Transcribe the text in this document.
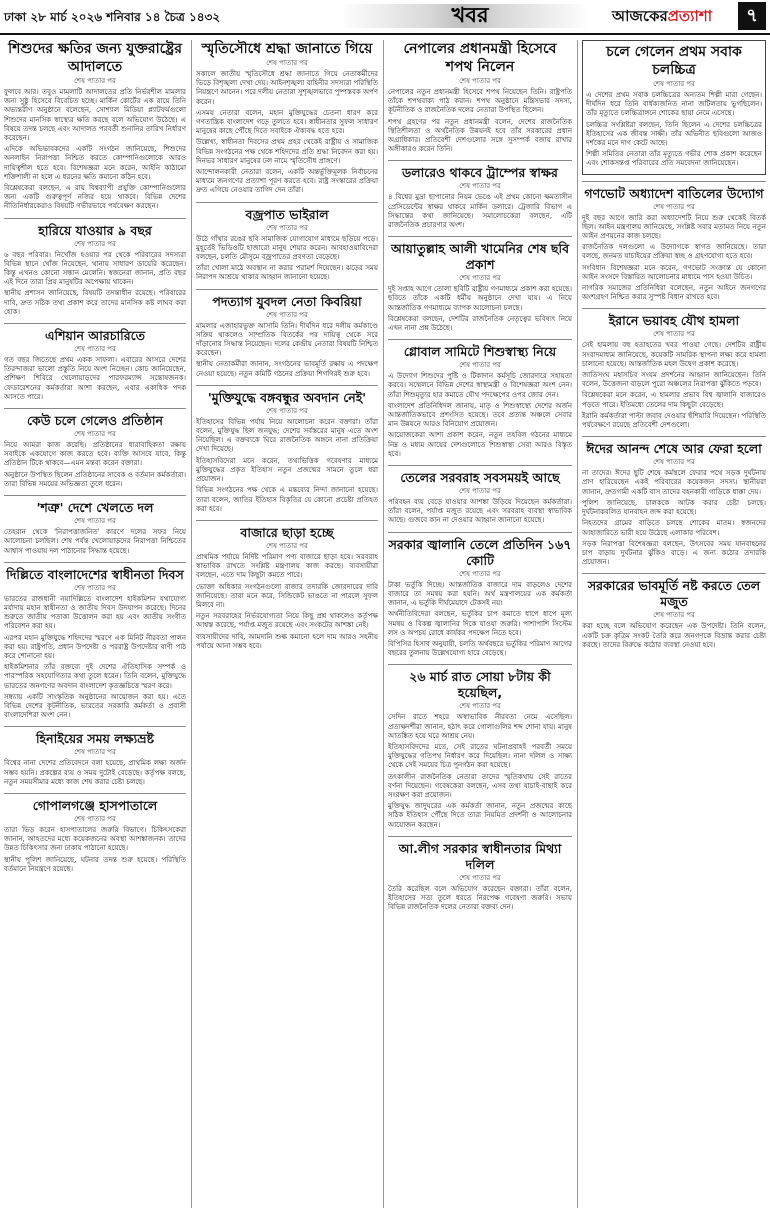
ঢাকা ২৮ মার্চ ২০২৬ শনিবার ১৪ চৈত্র ১৪৩২	খবর	আজকেরপ্রত্যাশা	৭
শিশুদের ক্ষতির জন্য যুক্তরাষ্ট্রের আদালতে
শেষ পাতার পর

ফুলবে আর। তবুও মামলাটি আদালতের প্রতি নির্ভরশীল মামলার জন্য সুষ্ঠু হিসেবে বিবেচিত হচ্ছে। মার্কিন কোর্টের এক রায়ে তিনি অভ্যন্তরীণ অনুষ্ঠানে বলেছেন, সোশ্যাল মিডিয়া প্ল্যাটফর্মগুলো শিশুদের মানসিক স্বাস্থ্যের ক্ষতি করছে বলে অভিযোগ উঠেছে। এ বিষয়ে তদন্ত চলছে এবং আদালত পরবর্তী শুনানির তারিখ নির্ধারণ করেছেন।

এদিকে অভিভাবকদের একটি সংগঠন জানিয়েছে, শিশুদের অনলাইন নিরাপত্তা নিশ্চিত করতে কোম্পানিগুলোকে আরও দায়িত্বশীল হতে হবে। বিশেষজ্ঞরা মনে করেন, আইনি কাঠামো শক্তিশালী না হলে এ ধরনের ক্ষতি কমানো কঠিন হবে।

বিশ্লেষকেরা বলছেন, এ রায় বিশ্বব্যাপী প্রযুক্তি কোম্পানিগুলোর জন্য একটি গুরুত্বপূর্ণ নজির হয়ে থাকবে। বিভিন্ন দেশের নীতিনির্ধারকেরাও বিষয়টি গভীরভাবে পর্যবেক্ষণ করছেন।

হারিয়ে যাওয়ার ৯ বছর
শেষ পাতার পর

৬ বছর পরিবার। নিখোঁজ হওয়ার পর থেকে পরিবারের সদস্যরা বিভিন্ন স্থানে খোঁজ নিয়েছেন, থানায় সাধারণ ডায়েরি করেছেন। কিন্তু এখনও কোনো সন্ধান মেলেনি। স্বজনেরা জানান, প্রতি বছর এই দিনে তারা প্রিয় মানুষটির অপেক্ষায় থাকেন।

স্থানীয় প্রশাসন জানিয়েছে, বিষয়টি তদন্তাধীন রয়েছে। পরিবারের দাবি, দ্রুত সঠিক তথ্য প্রকাশ করে তাদের মানসিক কষ্ট লাঘব করা হোক।

এশিয়ান আরচারিতে
শেষ পাতার পর

গত বছর জিতেছে প্রথম একক সাফল্য। এবারের আসরে দেশের তিরন্দাজরা ভালো প্রস্তুতি নিয়ে অংশ নিচ্ছেন। কোচ জানিয়েছেন, প্রশিক্ষণ শিবিরে খেলোয়াড়দের পারফরম্যান্স সন্তোষজনক। ফেডারেশনের কর্মকর্তারা আশা করছেন, এবার একাধিক পদক আসতে পারে।

কেউ চলে গেলেও প্রতিষ্ঠান
শেষ পাতার পর

নিয়ে আমরা কাজ করেছি। প্রতিষ্ঠানের ধারাবাহিকতা রক্ষায় সবাইকে একযোগে কাজ করতে হবে। ব্যক্তি আসবে যাবে, কিন্তু প্রতিষ্ঠান টিকে থাকবে—এমন মন্তব্য করেন বক্তারা।

অনুষ্ঠানে উপস্থিত ছিলেন প্রতিষ্ঠানের সাবেক ও বর্তমান কর্মকর্তারা। তারা বিভিন্ন সময়ের অভিজ্ঞতা তুলে ধরেন।

'শত্রু' দেশে খেলতে দল
শেষ পাতার পর

তেহরান থেকে 'নিরাপত্তাজনিত' কারণে দলের সফর নিয়ে আলোচনা চলছিল। শেষ পর্যন্ত খেলোয়াড়দের নিরাপত্তা নিশ্চিতের আশ্বাস পাওয়ায় দল পাঠানোর সিদ্ধান্ত হয়েছে।

দিল্লিতে বাংলাদেশের স্বাধীনতা দিবস
শেষ পাতার পর

ভারতের রাজধানী নয়াদিল্লিতে বাংলাদেশ হাইকমিশন যথাযোগ্য মর্যাদায় মহান স্বাধীনতা ও জাতীয় দিবস উদযাপন করেছে। দিনের শুরুতে জাতীয় পতাকা উত্তোলন করা হয় এবং জাতীয় সংগীত পরিবেশন করা হয়।

এরপর মহান মুক্তিযুদ্ধে শহিদদের স্মরণে এক মিনিট নীরবতা পালন করা হয়। রাষ্ট্রপতি, প্রধান উপদেষ্টা ও পররাষ্ট্র উপদেষ্টার বাণী পাঠ করে শোনানো হয়।

হাইকমিশনার তাঁর বক্তব্যে দুই দেশের ঐতিহাসিক সম্পর্ক ও পারস্পরিক সহযোগিতার কথা তুলে ধরেন। তিনি বলেন, মুক্তিযুদ্ধে ভারতের জনগণের অবদান বাংলাদেশ কৃতজ্ঞচিত্তে স্মরণ করে।

সন্ধ্যায় একটি সাংস্কৃতিক অনুষ্ঠানের আয়োজন করা হয়। এতে বিভিন্ন দেশের কূটনীতিক, ভারতের সরকারি কর্মকর্তা ও প্রবাসী বাংলাদেশিরা অংশ নেন।

হিনাইয়ের সময় লক্ষ্যভ্রষ্ট
শেষ পাতার পর

বিশ্বের নানা দেশের প্রতিবেদনে বলা হয়েছে, প্রাথমিক লক্ষ্য অর্জন সম্ভব হয়নি। প্রকল্পের ব্যয় ও সময় দুটোই বেড়েছে। কর্তৃপক্ষ বলছে, নতুন সময়সীমার মধ্যে কাজ শেষ করার চেষ্টা চলছে।

গোপালগঞ্জে হাসপাতালে
শেষ পাতার পর

তারা ভিড় করেন হাসপাতালের জরুরি বিভাগে। চিকিৎসকেরা জানান, আহতদের মধ্যে কয়েকজনের অবস্থা আশঙ্কাজনক। তাদের উন্নত চিকিৎসার জন্য ঢাকায় পাঠানো হয়েছে।

স্থানীয় পুলিশ জানিয়েছে, ঘটনার তদন্ত শুরু হয়েছে। পরিস্থিতি বর্তমানে নিয়ন্ত্রণে রয়েছে।

স্মৃতিসৌধে শ্রদ্ধা জানাতে গিয়ে
শেষ পাতার পর

সকালে জাতীয় স্মৃতিসৌধে শ্রদ্ধা জানাতে গিয়ে নেতাকর্মীদের ভিড়ে বিশৃঙ্খলা দেখা দেয়। আইনশৃঙ্খলা বাহিনীর সদস্যরা পরিস্থিতি নিয়ন্ত্রণে আনেন। পরে দলীয় নেতারা সুশৃঙ্খলভাবে পুষ্পস্তবক অর্পণ করেন।

এসময় নেতারা বলেন, মহান মুক্তিযুদ্ধের চেতনা ধারণ করে গণতান্ত্রিক বাংলাদেশ গড়ে তুলতে হবে। স্বাধীনতার সুফল সাধারণ মানুষের কাছে পৌঁছে দিতে সবাইকে ঐক্যবদ্ধ হতে হবে।

উল্লেখ্য, স্বাধীনতা দিবসের প্রথম প্রহর থেকেই রাষ্ট্রীয় ও সামাজিক বিভিন্ন সংগঠনের পক্ষ থেকে শহিদদের প্রতি শ্রদ্ধা নিবেদন করা হয়। দিনভর সাধারণ মানুষের ঢল নামে স্মৃতিসৌধ প্রাঙ্গণে।

আন্দোলনকারী নেতারা বলেন, একটি অন্তর্ভুক্তিমূলক নির্বাচনের মাধ্যমে জনগণের প্রত্যাশা পূরণ করতে হবে। রাষ্ট্র সংস্কারের প্রক্রিয়া দ্রুত এগিয়ে নেওয়ার তাগিদ দেন তাঁরা।

বজ্রপাত ভাইরাল
শেষ পাতার পর

উঠে গাঁথার রঙের ছবি সামাজিক যোগাযোগ মাধ্যমে ছড়িয়ে পড়ে। মুহূর্তেই ভিডিওটি হাজারো মানুষ শেয়ার করেন। আবহাওয়াবিদেরা বলছেন, চলতি মৌসুমে বজ্রপাতের প্রবণতা বেড়েছে।

তাঁরা খোলা মাঠে অবস্থান না করার পরামর্শ দিয়েছেন। ঝড়ের সময় নিরাপদ আশ্রয়ে থাকার আহ্বান জানানো হয়েছে।

পদত্যাগ যুবদল নেতা কিবরিয়া
শেষ পাতার পর

মামলার এজাহারভুক্ত আসামি তিনি। দীর্ঘদিন ধরে দলীয় কর্মকাণ্ডে সক্রিয় থাকলেও সাম্প্রতিক বিতর্কের পর দায়িত্ব থেকে সরে দাঁড়ানোর সিদ্ধান্ত নিয়েছেন। দলের কেন্দ্রীয় নেতারা বিষয়টি নিশ্চিত করেছেন।

স্থানীয় নেতাকর্মীরা জানান, সংগঠনের ভাবমূর্তি রক্ষায় এ পদক্ষেপ নেওয়া হয়েছে। নতুন কমিটি গঠনের প্রক্রিয়া শিগগিরই শুরু হবে।

'মুক্তিযুদ্ধে বঙ্গবন্ধুর অবদান নেই'
শেষ পাতার পর

ইতিহাসের বিভিন্ন পর্যায় নিয়ে আলোচনা করেন বক্তারা। তাঁরা বলেন, মুক্তিযুদ্ধ ছিল জনযুদ্ধ; দেশের সর্বস্তরের মানুষ এতে অংশ নিয়েছিল। এ বক্তব্যকে ঘিরে রাজনৈতিক অঙ্গনে নানা প্রতিক্রিয়া দেখা দিয়েছে।

ইতিহাসবিদেরা মনে করেন, তথ্যভিত্তিক গবেষণার মাধ্যমে মুক্তিযুদ্ধের প্রকৃত ইতিহাস নতুন প্রজন্মের সামনে তুলে ধরা প্রয়োজন।

বিভিন্ন সংগঠনের পক্ষ থেকে এ মন্তব্যের নিন্দা জানানো হয়েছে। তারা বলেন, জাতির ইতিহাস বিকৃতির যে কোনো প্রচেষ্টা প্রতিহত করা হবে।

বাজারে ছাড়া হচ্ছে
শেষ পাতার পর

প্রাথমিক পর্যায়ে নির্দিষ্ট পরিমাণ পণ্য বাজারে ছাড়া হবে। সরবরাহ স্বাভাবিক রাখতে সংশ্লিষ্ট মন্ত্রণালয় কাজ করছে। ব্যবসায়ীরা বলছেন, এতে দাম কিছুটা কমতে পারে।

ভোক্তা অধিকার সংগঠনগুলো বাজার তদারকি জোরদারের দাবি জানিয়েছে। তারা মনে করে, সিন্ডিকেট ভাঙতে না পারলে সুফল মিলবে না।

নতুন সরবরাহের নির্ভরযোগ্যতা নিয়ে কিছু প্রশ্ন থাকলেও কর্তৃপক্ষ আশ্বস্ত করেছে, পর্যাপ্ত মজুত রয়েছে এবং সংকটের আশঙ্কা নেই।

ব্যবসায়ীদের দাবি, আমদানি শুল্ক কমানো হলে দাম আরও সহনীয় পর্যায়ে আনা সম্ভব হবে।

নেপালের প্রধানমন্ত্রী হিসেবে শপথ নিলেন
শেষ পাতার পর

নেপালের নতুন প্রধানমন্ত্রী হিসেবে শপথ নিয়েছেন তিনি। রাষ্ট্রপতি তাঁকে শপথবাক্য পাঠ করান। শপথ অনুষ্ঠানে মন্ত্রিসভার সদস্য, কূটনীতিক ও রাজনৈতিক দলের নেতারা উপস্থিত ছিলেন।

শপথ গ্রহণের পর নতুন প্রধানমন্ত্রী বলেন, দেশের রাজনৈতিক স্থিতিশীলতা ও অর্থনৈতিক উন্নয়নই হবে তাঁর সরকারের প্রধান অগ্রাধিকার। প্রতিবেশী দেশগুলোর সঙ্গে সুসম্পর্ক বজায় রাখার অঙ্গীকারও করেন তিনি।

ডলারেও থাকবে ট্রাম্পের স্বাক্ষর
শেষ পাতার পর

৪ বিশ্বের মুদ্রা ছাপানোর নিয়ম ভেঙে এই প্রথম কোনো ক্ষমতাসীন প্রেসিডেন্টের স্বাক্ষর থাকবে মার্কিন ডলারে। ট্রেজারি বিভাগ এ সিদ্ধান্তের কথা জানিয়েছে। সমালোচকেরা বলছেন, এটি রাজনৈতিক প্রচারণার অংশ।

আয়াতুল্লাহ আলী খামেনির শেষ ছবি প্রকাশ
শেষ পাতার পর

দুই সপ্তাহ আগে তোলা ছবিটি রাষ্ট্রীয় গণমাধ্যমে প্রকাশ করা হয়েছে। ছবিতে তাঁকে একটি ধর্মীয় অনুষ্ঠানে দেখা যায়। এ নিয়ে আন্তর্জাতিক গণমাধ্যমে ব্যাপক আলোচনা চলছে।

বিশ্লেষকেরা বলছেন, দেশটির রাজনৈতিক নেতৃত্বের ভবিষ্যৎ নিয়ে এখন নানা প্রশ্ন উঠেছে।

গ্লোবাল সামিটে শিশুস্বাস্থ্য নিয়ে
শেষ পাতার পর

এ উদ্যোগ শিশুদের পুষ্টি ও টিকাদান কর্মসূচি জোরদারে সহায়তা করবে। সম্মেলনে বিভিন্ন দেশের স্বাস্থ্যমন্ত্রী ও বিশেষজ্ঞরা অংশ নেন। তাঁরা শিশুমৃত্যুর হার কমাতে যৌথ পদক্ষেপের ওপর জোর দেন।

বাংলাদেশ প্রতিনিধিদল জানায়, মাতৃ ও শিশুস্বাস্থ্যে দেশের অর্জন আন্তর্জাতিকভাবে প্রশংসিত হয়েছে। তবে প্রত্যন্ত অঞ্চলে সেবার মান উন্নয়নে আরও বিনিয়োগ প্রয়োজন।

আয়োজকেরা আশা প্রকাশ করেন, নতুন তহবিল গঠনের মাধ্যমে নিম্ন ও মধ্যম আয়ের দেশগুলোতে শিশুস্বাস্থ্য সেবা আরও বিস্তৃত হবে।

তেলের সরবরাহ সবসময়ই আছে
শেষ পাতার পর

পরিবহন ব্যয় বেড়ে যাওয়ার আশঙ্কা উড়িয়ে দিয়েছেন কর্মকর্তারা। তাঁরা বলেন, পর্যাপ্ত মজুত রয়েছে এবং সরবরাহ ব্যবস্থা স্বাভাবিক আছে। গুজবে কান না দেওয়ার আহ্বান জানানো হয়েছে।

সরকার জ্বালানি তেলে প্রতিদিন ১৬৭ কোটি
শেষ পাতার পর

টাকা ভর্তুকি দিচ্ছে। আন্তর্জাতিক বাজারে দাম বাড়লেও দেশের বাজারে তা সমন্বয় করা হয়নি। অর্থ মন্ত্রণালয়ের এক কর্মকর্তা জানান, এ ভর্তুকি দীর্ঘমেয়াদে টেকসই নয়।

অর্থনীতিবিদেরা বলছেন, ভর্তুকির চাপ কমাতে ধাপে ধাপে মূল্য সমন্বয় ও বিকল্প জ্বালানির দিকে যাওয়া জরুরি। পাশাপাশি সিস্টেম লস ও অপচয় রোধে কার্যকর পদক্ষেপ নিতে হবে।

বিপিসির হিসাব অনুযায়ী, চলতি অর্থবছরে ভর্তুকির পরিমাণ আগের বছরের তুলনায় উল্লেখযোগ্য হারে বেড়েছে।

২৬ মার্চ রাত সোয়া ৮টায় কী হয়েছিল,
শেষ পাতার পর

সেদিন রাতে শহরে অস্বাভাবিক নীরবতা নেমে এসেছিল। প্রত্যক্ষদর্শীরা জানান, হঠাৎ করে গোলাগুলির শব্দ শোনা যায়। মানুষ আতঙ্কিত হয়ে ঘরে আশ্রয় নেয়।

ইতিহাসবিদদের মতে, সেই রাতের ঘটনাপ্রবাহই পরবর্তী সময়ে মুক্তিযুদ্ধের গতিপথ নির্ধারণ করে দিয়েছিল। নানা দলিল ও সাক্ষ্য থেকে সেই সময়ের চিত্র পুনর্গঠন করা হয়েছে।

তৎকালীন রাজনৈতিক নেতারা তাদের স্মৃতিকথায় সেই রাতের বর্ণনা দিয়েছেন। গবেষকেরা বলছেন, এসব তথ্য যাচাই-বাছাই করে সংরক্ষণ করা প্রয়োজন।

মুক্তিযুদ্ধ জাদুঘরের এক কর্মকর্তা জানান, নতুন প্রজন্মের কাছে সঠিক ইতিহাস পৌঁছে দিতে তারা নিয়মিত প্রদর্শনী ও আলোচনার আয়োজন করছেন।

আ.লীগ সরকার স্বাধীনতার মিথ্যা দলিল
শেষ পাতার পর

তৈরি করেছিল বলে অভিযোগ করেছেন বক্তারা। তাঁরা বলেন, ইতিহাসের সত্য তুলে ধরতে নিরপেক্ষ গবেষণা জরুরি। সভায় বিভিন্ন রাজনৈতিক দলের নেতারা বক্তব্য দেন।

চলে গেলেন প্রথম সবাক চলচ্চিত্র
শেষ পাতার পর

এ দেশের প্রথম সবাক চলচ্চিত্রের অন্যতম শিল্পী মারা গেছেন। দীর্ঘদিন ধরে তিনি বার্ধক্যজনিত নানা জটিলতায় ভুগছিলেন। তাঁর মৃত্যুতে চলচ্চিত্রাঙ্গনে শোকের ছায়া নেমে এসেছে।

চলচ্চিত্র সংশ্লিষ্টরা বলছেন, তিনি ছিলেন এ দেশের চলচ্চিত্রের ইতিহাসের এক জীবন্ত সাক্ষী। তাঁর অভিনীত ছবিগুলো আজও দর্শকের মনে দাগ কেটে আছে।

শিল্পী সমিতির নেতারা তাঁর মৃত্যুতে গভীর শোক প্রকাশ করেছেন এবং শোকসন্তপ্ত পরিবারের প্রতি সমবেদনা জানিয়েছেন।

গণভোট অধ্যাদেশ বাতিলের উদ্যোগ
শেষ পাতার পর

দুই বছর আগে জারি করা অধ্যাদেশটি নিয়ে শুরু থেকেই বিতর্ক ছিল। আইন মন্ত্রণালয় জানিয়েছে, সংশ্লিষ্ট সবার মতামত নিয়ে নতুন আইন প্রণয়নের কাজ চলছে।

রাজনৈতিক দলগুলো এ উদ্যোগকে স্বাগত জানিয়েছে। তারা বলছে, জনমত যাচাইয়ের প্রক্রিয়া স্বচ্ছ ও গ্রহণযোগ্য হতে হবে।

সংবিধান বিশেষজ্ঞরা মনে করেন, গণভোট সংক্রান্ত যে কোনো আইন সংসদে বিস্তারিত আলোচনার মাধ্যমে পাস হওয়া উচিত।

নাগরিক সমাজের প্রতিনিধিরা বলেছেন, নতুন আইনে জনগণের অংশগ্রহণ নিশ্চিত করার সুস্পষ্ট বিধান রাখতে হবে।

ইরানে ভয়াবহ যৌথ হামলা
শেষ পাতার পর

সেই হামলায় বহু হতাহতের খবর পাওয়া গেছে। দেশটির রাষ্ট্রীয় সংবাদমাধ্যম জানিয়েছে, কয়েকটি সামরিক স্থাপনা লক্ষ্য করে হামলা চালানো হয়েছে। আন্তর্জাতিক মহল উদ্বেগ প্রকাশ করেছে।

জাতিসংঘ মহাসচিব সংযম প্রদর্শনের আহ্বান জানিয়েছেন। তিনি বলেন, উত্তেজনা বাড়লে পুরো অঞ্চলের নিরাপত্তা ঝুঁকিতে পড়বে।

বিশ্লেষকেরা মনে করেন, এ হামলার প্রভাব বিশ্ব জ্বালানি বাজারেও পড়তে পারে। ইতিমধ্যে তেলের দাম কিছুটা বেড়েছে।

ইরানি কর্মকর্তারা পাল্টা জবাব দেওয়ার হুঁশিয়ারি দিয়েছেন। পরিস্থিতি পর্যবেক্ষণে রয়েছে প্রতিবেশী দেশগুলো।

ঈদের আনন্দ শেষে আর ফেরা হলো
শেষ পাতার পর

না তাদের। ঈদের ছুটি শেষে কর্মস্থলে ফেরার পথে সড়ক দুর্ঘটনায় প্রাণ হারিয়েছেন একই পরিবারের কয়েকজন সদস্য। স্থানীয়রা জানান, দ্রুতগামী একটি বাস তাদের বহনকারী গাড়িকে ধাক্কা দেয়।

পুলিশ জানিয়েছে, চালককে আটক করার চেষ্টা চলছে। দুর্ঘটনাকবলিত যানবাহন জব্দ করা হয়েছে।

নিহতদের গ্রামের বাড়িতে চলছে শোকের মাতম। স্বজনদের আহাজারিতে ভারী হয়ে উঠেছে এলাকার পরিবেশ।

সড়ক নিরাপত্তা বিশেষজ্ঞরা বলছেন, উৎসবের সময় যানবাহনের চাপ বাড়ায় দুর্ঘটনার ঝুঁকিও বাড়ে। এ জন্য কঠোর তদারকি প্রয়োজন।

সরকারের ভাবমূর্তি নষ্ট করতে তেল মজুত
শেষ পাতার পর

করা হচ্ছে বলে অভিযোগ করেছেন এক উপদেষ্টা। তিনি বলেন, একটি চক্র কৃত্রিম সংকট তৈরি করে জনগণকে বিভ্রান্ত করার চেষ্টা করছে। তাদের বিরুদ্ধে কঠোর ব্যবস্থা নেওয়া হবে।
